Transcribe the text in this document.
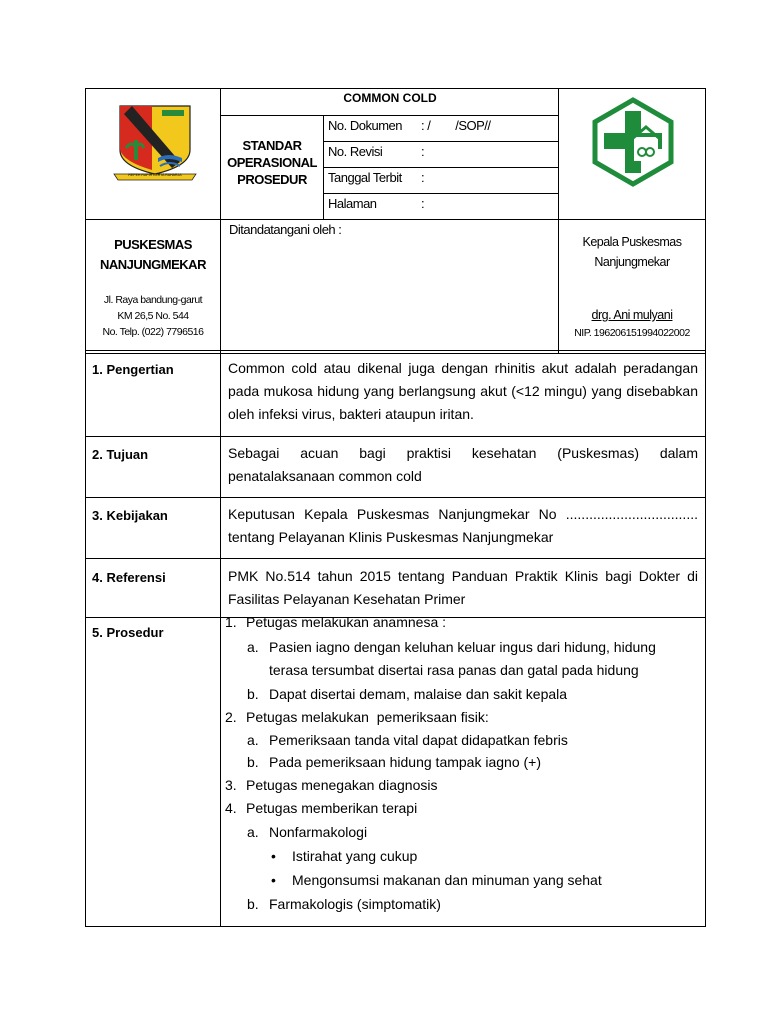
REPEH RAPIH KERTA RAHARJA
COMMON COLD
STANDAR
OPERASIONAL
PROSEDUR
No. Dokumen : /        /SOP//
No. Revisi	:
Tanggal Terbit :
Halaman	:
PUSKESMAS
NANJUNGMEKAR
Jl. Raya bandung-garut
KM 26,5 No. 544
No. Telp. (022) 7796516
Ditandatangani oleh :
Kepala Puskesmas
Nanjungmekar
drg. Ani mulyani
NIP. 196206151994022002
1. Pengertian	Common cold atau dikenal juga dengan rhinitis akut adalah peradangan
pada mukosa hidung yang berlangsung akut (<12 mingu) yang disebabkan
oleh infeksi virus, bakteri ataupun iritan.
2. Tujuan	Sebagai acuan bagi praktisi kesehatan (Puskesmas) dalam
penatalaksanaan common cold
3. Kebijakan	Keputusan Kepala Puskesmas Nanjungmekar No ..................................
tentang Pelayanan Klinis Puskesmas Nanjungmekar
4. Referensi	PMK No.514 tahun 2015 tentang Panduan Praktik Klinis bagi Dokter di
Fasilitas Pelayanan Kesehatan Primer
5. Prosedur
1. Petugas melakukan anamnesa :
a. Pasien iagno dengan keluhan keluar ingus dari hidung, hidung
terasa tersumbat disertai rasa panas dan gatal pada hidung
b. Dapat disertai demam, malaise dan sakit kepala
2. Petugas melakukan  pemeriksaan fisik:
a. Pemeriksaan tanda vital dapat didapatkan febris
b. Pada pemeriksaan hidung tampak iagno (+)
3. Petugas menegakan diagnosis
4. Petugas memberikan terapi
a. Nonfarmakologi
• Istirahat yang cukup
• Mengonsumsi makanan dan minuman yang sehat
b. Farmakologis (simptomatik)
